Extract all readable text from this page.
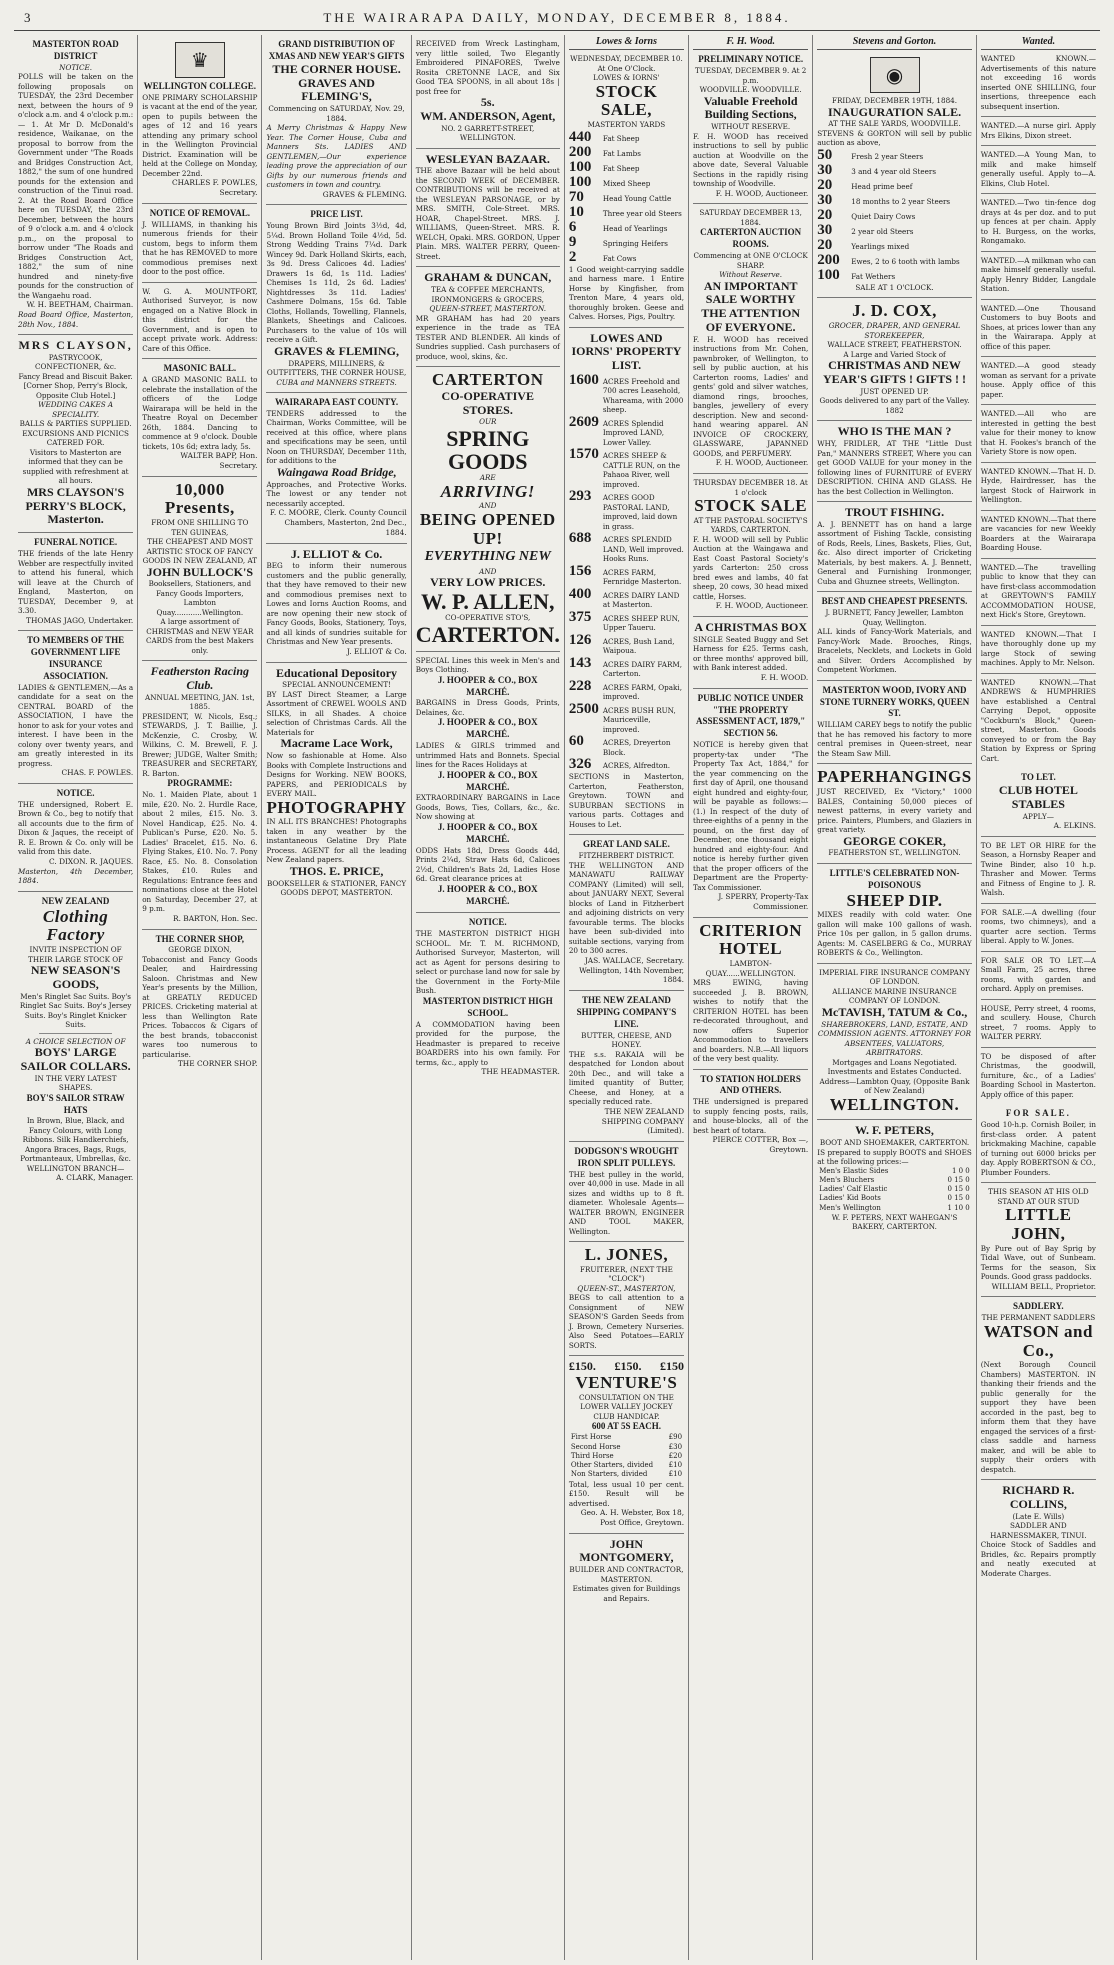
3	THE WAIRARAPA DAILY, MONDAY, DECEMBER 8, 1884.
MASTERTON ROAD DISTRICT
NOTICE.
POLLS will be taken on the following proposals on TUESDAY, the 23rd December next, between the hours of 9 o'clock a.m. and 4 o'clock p.m.:— 1. At Mr D. McDonald's residence, Waikanae, on the proposal to borrow from the Government under "The Roads and Bridges Construction Act, 1882," the sum of one hundred pounds for the extension and construction of the Tinui road. 2. At the Road Board Office here on TUESDAY, the 23rd December, between the hours of 9 o'clock a.m. and 4 o'clock p.m., on the proposal to borrow under "The Roads and Bridges Construction Act, 1882," the sum of nine hundred and ninety-five pounds for the construction of the Wangaehu road.
W. H. BEETHAM, Chairman.
Road Board Office, Masterton, 28th Nov., 1884.
MRS CLAYSON,
PASTRYCOOK, CONFECTIONER, &c.
Fancy Bread and Biscuit Baker. [Corner Shop, Perry's Block, Opposite Club Hotel.]
WEDDING CAKES A SPECIALITY.
BALLS & PARTIES SUPPLIED.
EXCURSIONS AND PICNICS CATERED FOR.
Visitors to Masterton are informed that they can be supplied with refreshment at all hours.
MRS CLAYSON'S PERRY'S BLOCK, Masterton.
FUNERAL NOTICE.
THE friends of the late Henry Webber are respectfully invited to attend his funeral, which will leave at the Church of England, Masterton, on TUESDAY, December 9, at 3.30.
THOMAS JAGO, Undertaker.
TO MEMBERS OF THE GOVERNMENT LIFE INSURANCE ASSOCIATION.
LADIES & GENTLEMEN,—As a candidate for a seat on the CENTRAL BOARD of the ASSOCIATION, I have the honor to ask for your votes and interest. I have been in the colony over twenty years, and am greatly interested in its progress.
CHAS. F. POWLES.
NOTICE.
THE undersigned, Robert E. Brown & Co., beg to notify that all accounts due to the firm of Dixon & Jaques, the receipt of R. E. Brown & Co. only will be valid from this date.
C. DIXON. R. JAQUES.
Masterton, 4th December, 1884.
NEW ZEALAND
Clothing Factory
INVITE INSPECTION OF THEIR LARGE STOCK OF
NEW SEASON'S GOODS,
Men's Ringlet Sac Suits. Boy's Ringlet Sac Suits. Boy's Jersey Suits. Boy's Ringlet Knicker Suits.
A CHOICE SELECTION OF
BOYS' LARGE SAILOR COLLARS.
IN THE VERY LATEST SHAPES.
BOY'S SAILOR STRAW HATS
In Brown, Blue, Black, and Fancy Colours, with Long Ribbons. Silk Handkerchiefs, Angora Braces, Bags, Rugs, Portmanteaux, Umbrellas, &c.
WELLINGTON BRANCH—
A. CLARK, Manager.
♛
WELLINGTON COLLEGE.
ONE PRIMARY SCHOLARSHIP is vacant at the end of the year, open to pupils between the ages of 12 and 16 years attending any primary school in the Wellington Provincial District. Examination will be held at the College on Monday, December 22nd.
CHARLES F. POWLES, Secretary.
NOTICE OF REMOVAL.
J. WILLIAMS, in thanking his numerous friends for their custom, begs to inform them that he has REMOVED to more commodious premises next door to the post office.
W. G. A. MOUNTFORT, Authorised Surveyor, is now engaged on a Native Block in this district for the Government, and is open to accept private work. Address: Care of this Office.
MASONIC BALL.
A GRAND MASONIC BALL to celebrate the installation of the officers of the Lodge Wairarapa will be held in the Theatre Royal on December 26th, 1884. Dancing to commence at 9 o'clock. Double tickets, 10s 6d; extra lady, 5s.
WALTER BAPP, Hon. Secretary.
10,000 Presents,
FROM ONE SHILLING TO TEN GUINEAS,
THE CHEAPEST AND MOST ARTISTIC STOCK OF FANCY GOODS IN NEW ZEALAND, AT
JOHN BULLOCK'S
Booksellers, Stationers, and Fancy Goods Importers, Lambton Quay............Wellington.
A large assortment of CHRISTMAS and NEW YEAR CARDS from the best Makers only.
Featherston Racing Club.
ANNUAL MEETING, JAN. 1st, 1885.
PRESIDENT, W. Nicols, Esq.; STEWARDS, J. T. Baillie, J. McKenzie, C. Crosby, W. Wilkins, C. M. Brewell, F. J. Brewer; JUDGE, Walter Smith; TREASURER and SECRETARY, R. Barton.
PROGRAMME:
No. 1. Maiden Plate, about 1 mile, £20. No. 2. Hurdle Race, about 2 miles, £15. No. 3. Novel Handicap, £25. No. 4. Publican's Purse, £20. No. 5. Ladies' Bracelet, £15. No. 6. Flying Stakes, £10. No. 7. Pony Race, £5. No. 8. Consolation Stakes, £10. Rules and Regulations: Entrance fees and nominations close at the Hotel on Saturday, December 27, at 9 p.m.
R. BARTON, Hon. Sec.
THE CORNER SHOP,
GEORGE DIXON,
Tobacconist and Fancy Goods Dealer, and Hairdressing Saloon. Christmas and New Year's presents by the Million, at GREATLY REDUCED PRICES. Cricketing material at less than Wellington Rate Prices. Tobaccos & Cigars of the best brands, tobacconist wares too numerous to particularise.
THE CORNER SHOP.
GRAND DISTRIBUTION OF XMAS AND NEW YEAR'S GIFTS
THE CORNER HOUSE.
GRAVES AND FLEMING'S,
Commencing on SATURDAY, Nov. 29, 1884.
A Merry Christmas & Happy New Year. The Corner House, Cuba and Manners Sts. LADIES AND GENTLEMEN,—Our experience leading prove the appreciation of our Gifts by our numerous friends and customers in town and country.
GRAVES & FLEMING.
PRICE LIST.
Young Brown Bird Joints 3½d, 4d, 5¼d. Brown Holland Toile 4½d, 5d. Strong Wedding Trains 7¼d. Dark Wincey 9d. Dark Holland Skirts, each, 3s 9d. Dress Calicoes 4d. Ladies' Drawers 1s 6d, 1s 11d. Ladies' Chemises 1s 11d, 2s 6d. Ladies' Nightdresses 3s 11d. Ladies' Cashmere Dolmans, 15s 6d. Table Cloths, Hollands, Towelling, Flannels, Blankets, Sheetings and Calicoes. Purchasers to the value of 10s will receive a Gift.
GRAVES & FLEMING,
DRAPERS, MILLINERS, & OUTFITTERS, THE CORNER HOUSE,
CUBA and MANNERS STREETS.
WAIRARAPA EAST COUNTY.
TENDERS addressed to the Chairman, Works Committee, will be received at this office, where plans and specifications may be seen, until Noon on THURSDAY, December 11th, for additions to the
Waingawa Road Bridge,
Approaches, and Protective Works. The lowest or any tender not necessarily accepted.
F. C. MOORE, Clerk. County Council Chambers, Masterton, 2nd Dec., 1884.
J. ELLIOT & Co.
BEG to inform their numerous customers and the public generally, that they have removed to their new and commodious premises next to Lowes and Iorns Auction Rooms, and are now opening their new stock of Fancy Goods, Books, Stationery, Toys, and all kinds of sundries suitable for Christmas and New Year presents.
J. ELLIOT & Co.
Educational Depository
SPECIAL ANNOUNCEMENT!
BY LAST Direct Steamer, a Large Assortment of CREWEL WOOLS AND SILKS, in all Shades. A choice selection of Christmas Cards. All the Materials for
Macrame Lace Work,
Now so fashionable at Home. Also Books with Complete Instructions and Designs for Working. NEW BOOKS, PAPERS, and PERIODICALS by EVERY MAIL.
PHOTOGRAPHY
IN ALL ITS BRANCHES! Photographs taken in any weather by the instantaneous Gelatine Dry Plate Process. AGENT for all the leading New Zealand papers.
THOS. E. PRICE,
BOOKSELLER & STATIONER, FANCY GOODS DEPOT, MASTERTON.
RECEIVED from Wreck Lastingham, very little soiled, Two Elegantly Embroidered PINAFORES, Twelve Rosita CRETONNE LACE, and Six Good TEA SPOONS, in all about 18s | post free for
5s.
WM. ANDERSON, Agent,
NO. 2 GARRETT-STREET, WELLINGTON.
WESLEYAN BAZAAR.
THE above Bazaar will be held about the SECOND WEEK of DECEMBER. CONTRIBUTIONS will be received at the WESLEYAN PARSONAGE, or by MRS. SMITH, Cole-Street. MRS. HOAR, Chapel-Street. MRS. J. WILLIAMS, Queen-Street. MRS. R. WELCH, Opaki. MRS. GORDON, Upper Plain. MRS. WALTER PERRY, Queen-Street.
GRAHAM & DUNCAN,
TEA & COFFEE MERCHANTS, IRONMONGERS & GROCERS,
QUEEN-STREET, MASTERTON.
MR GRAHAM has had 20 years experience in the trade as TEA TESTER AND BLENDER. All kinds of Sundries supplied. Cash purchasers of produce, wool, skins, &c.
CARTERTON
CO-OPERATIVE STORES.
OUR
SPRING GOODS
ARE
ARRIVING!
AND
BEING OPENED UP!
EVERYTHING NEW
AND
VERY LOW PRICES.
W. P. ALLEN,
CO-OPERATIVE STO'S,
CARTERTON.
SPECIAL Lines this week in Men's and Boys Clothing.
J. HOOPER & CO., BOX MARCHÉ.
BARGAINS in Dress Goods, Prints, Delaines, &c.
J. HOOPER & CO., BOX MARCHÉ.
LADIES & GIRLS trimmed and untrimmed Hats and Bonnets. Special lines for the Races Holidays at
J. HOOPER & CO., BOX MARCHÉ.
EXTRAORDINARY BARGAINS in Lace Goods, Bows, Ties, Collars, &c., &c. Now showing at
J. HOOPER & CO., BOX MARCHÉ.
ODDS Hats 18d, Dress Goods 44d, Prints 2¼d, Straw Hats 6d, Calicoes 2½d, Children's Bats 2d, Ladies Hose 6d. Great clearance prices at
J. HOOPER & CO., BOX MARCHÉ.
NOTICE.
THE MASTERTON DISTRICT HIGH SCHOOL. Mr. T. M. RICHMOND, Authorised Surveyor, Masterton, will act as Agent for persons desiring to select or purchase land now for sale by the Government in the Forty-Mile Bush.
MASTERTON DISTRICT HIGH SCHOOL.
A COMMODATION having been provided for the purpose, the Headmaster is prepared to receive BOARDERS into his own family. For terms, &c., apply to
THE HEADMASTER.
Lowes & Iorns
WEDNESDAY, DECEMBER 10. At One O'Clock.
LOWES & IORNS'
STOCK SALE,
MASTERTON YARDS
440	Fat Sheep
200	Fat Lambs
100	Fat Sheep
100	Mixed Sheep
70	Head Young Cattle
10	Three year old Steers
6	Head of Yearlings
9	Springing Heifers
2	Fat Cows
1 Good weight-carrying saddle and harness mare. 1 Entire Horse by Kingfisher, from Trenton Mare, 4 years old, thoroughly broken. Geese and Calves. Horses, Pigs, Poultry.
LOWES AND IORNS' PROPERTY LIST.
1600 ACRES Freehold and 700 acres Leasehold, Whareama, with 2000 sheep.
2609 ACRES Splendid Improved LAND, Lower Valley.
1570 ACRES SHEEP & CATTLE RUN, on the Pahaoa River, well improved.
293	ACRES GOOD PASTORAL LAND, improved, laid down in grass.
688	ACRES SPLENDID LAND, Well improved. Hooks Runs.
156	ACRES FARM, Fernridge Masterton.
400	ACRES DAIRY LAND at Masterton.
375	ACRES SHEEP RUN, Upper Taueru.
126	ACRES, Bush Land, Waipoua.
143	ACRES DAIRY FARM, Carterton.
228	ACRES FARM, Opaki, improved.
2500 ACRES BUSH RUN, Mauriceville, improved.
60	ACRES, Dreyerton Block.
326	ACRES, Alfredton.
SECTIONS in Masterton, Carterton, Featherston, Greytown. TOWN and SUBURBAN SECTIONS in various parts. Cottages and Houses to Let.
GREAT LAND SALE.
FITZHERBERT DISTRICT.
THE WELLINGTON AND MANAWATU RAILWAY COMPANY (Limited) will sell, about JANUARY NEXT, Several blocks of Land in Fitzherbert and adjoining districts on very favourable terms. The blocks have been sub-divided into suitable sections, varying from 20 to 300 acres.
JAS. WALLACE, Secretary. Wellington, 14th November, 1884.
THE NEW ZEALAND SHIPPING COMPANY'S LINE.
BUTTER, CHEESE, AND HONEY.
THE s.s. RAKAIA will be despatched for London about 20th Dec., and will take a limited quantity of Butter, Cheese, and Honey, at a specially reduced rate.
THE NEW ZEALAND SHIPPING COMPANY (Limited).
DODGSON'S WROUGHT IRON SPLIT PULLEYS.
THE best pulley in the world, over 40,000 in use. Made in all sizes and widths up to 8 ft. diameter. Wholesale Agents—WALTER BROWN, ENGINEER AND TOOL MAKER, Wellington.
L. JONES,
FRUITERER, (NEXT THE "CLOCK")
QUEEN-ST., MASTERTON,
BEGS to call attention to a Consignment of NEW SEASON'S Garden Seeds from J. Brown, Cemetery Nurseries. Also Seed Potatoes—EARLY SORTS.
£150. £150. £150
VENTURE'S
CONSULTATION ON THE LOWER VALLEY JOCKEY CLUB HANDICAP.
600 AT 5S EACH.
First Horse	£90
Second Horse	£30
Third Horse	£20
Other Starters, divided	£10
Non Starters, divided	£10
Total, less usual 10 per cent. £150. Result will be advertised.
Geo. A. H. Webster, Box 18, Post Office, Greytown.
JOHN MONTGOMERY,
BUILDER AND CONTRACTOR,
MASTERTON.
Estimates given for Buildings and Repairs.
F. H. Wood.
PRELIMINARY NOTICE.
TUESDAY, DECEMBER 9. At 2 p.m.
WOODVILLE. WOODVILLE.
Valuable Freehold Building Sections,
WITHOUT RESERVE.
F. H. WOOD has received instructions to sell by public auction at Woodville on the above date, Several Valuable Sections in the rapidly rising township of Woodville.
F. H. WOOD, Auctioneer.
SATURDAY DECEMBER 13, 1884.
CARTERTON AUCTION ROOMS.
Commencing at ONE O'CLOCK SHARP.
Without Reserve.
AN IMPORTANT SALE WORTHY THE ATTENTION OF EVERYONE.
F. H. WOOD has received instructions from Mr. Cohen, pawnbroker, of Wellington, to sell by public auction, at his Carterton rooms, Ladies' and gents' gold and silver watches, diamond rings, brooches, bangles, jewellery of every description. New and second-hand wearing apparel. AN INVOICE OF CROCKERY, GLASSWARE, JAPANNED GOODS, and PERFUMERY.
F. H. WOOD, Auctioneer.
THURSDAY DECEMBER 18. At 1 o'clock
STOCK SALE
AT THE PASTORAL SOCIETY'S YARDS, CARTERTON.
F. H. WOOD will sell by Public Auction at the Waingawa and East Coast Pastoral Society's yards Carterton: 250 cross bred ewes and lambs, 40 fat sheep, 20 cows, 30 head mixed cattle, Horses.
F. H. WOOD, Auctioneer.
A CHRISTMAS BOX
SINGLE Seated Buggy and Set Harness for £25. Terms cash, or three months' approved bill, with Bank interest added.
F. H. WOOD.
PUBLIC NOTICE UNDER "THE PROPERTY ASSESSMENT ACT, 1879," SECTION 56.
NOTICE is hereby given that property-tax under "The Property Tax Act, 1884," for the year commencing on the first day of April, one thousand eight hundred and eighty-four, will be payable as follows:— (1.) In respect of the duty of three-eighths of a penny in the pound, on the first day of December, one thousand eight hundred and eighty-four. And notice is hereby further given that the proper officers of the Department are the Property-Tax Commissioner.
J. SPERRY, Property-Tax Commissioner.
CRITERION HOTEL
LAMBTON-QUAY......WELLINGTON.
MRS EWING, having succeeded J. B. BROWN, wishes to notify that the CRITERION HOTEL has been re-decorated throughout, and now offers Superior Accommodation to travellers and boarders. N.B.—All liquors of the very best quality.
TO STATION HOLDERS AND OTHERS.
THE undersigned is prepared to supply fencing posts, rails, and house-blocks, all of the best heart of totara.
PIERCE COTTER, Box —, Greytown.
Stevens and Gorton.
◉
FRIDAY, DECEMBER 19TH, 1884.
INAUGURATION SALE.
AT THE SALE YARDS, WOODVILLE.
STEVENS & GORTON will sell by public auction as above,
50	Fresh 2 year Steers
30	3 and 4 year old Steers
20	Head prime beef
30	18 months to 2 year Steers
20	Quiet Dairy Cows
30	2 year old Steers
20	Yearlings mixed
200	Ewes, 2 to 6 tooth with lambs
100	Fat Wethers
SALE AT 1 O'CLOCK.
J. D. COX,
GROCER, DRAPER, AND GENERAL STOREKEEPER,
WALLACE STREET, FEATHERSTON.
A Large and Varied Stock of
CHRISTMAS AND NEW YEAR'S GIFTS ! GIFTS ! !
JUST OPENED UP.
Goods delivered to any part of the Valley. 1882
WHO IS THE MAN ?
WHY, FRIDLER, AT THE "Little Dust Pan," MANNERS STREET, Where you can get GOOD VALUE for your money in the following lines of FURNITURE of EVERY DESCRIPTION. CHINA AND GLASS. He has the best Collection in Wellington.
TROUT FISHING.
A. J. BENNETT has on hand a large assortment of Fishing Tackle, consisting of Rods, Reels, Lines, Baskets, Flies, Gut, &c. Also direct importer of Cricketing Materials, by best makers. A. J. Bennett, General and Furnishing Ironmonger, Cuba and Ghuznee streets, Wellington.
BEST AND CHEAPEST PRESENTS.
J. BURNETT, Fancy Jeweller, Lambton Quay, Wellington.
ALL kinds of Fancy-Work Materials, and Fancy-Work Made. Brooches, Rings, Bracelets, Necklets, and Lockets in Gold and Silver. Orders Accomplished by Competent Workmen.
MASTERTON WOOD, IVORY AND STONE TURNERY WORKS, QUEEN ST.
WILLIAM CAREY begs to notify the public that he has removed his factory to more central premises in Queen-street, near the Steam Saw Mill.
PAPERHANGINGS
JUST RECEIVED, Ex "Victory," 1000 BALES, Containing 50,000 pieces of newest patterns, in every variety and price. Painters, Plumbers, and Glaziers in great variety.
GEORGE COKER,
FEATHERSTON ST., WELLINGTON.
LITTLE'S CELEBRATED NON-POISONOUS
SHEEP DIP.
MIXES readily with cold water. One gallon will make 100 gallons of wash. Price 10s per gallon, in 5 gallon drums. Agents: M. CASELBERG & Co., MURRAY ROBERTS & Co., Wellington.
IMPERIAL FIRE INSURANCE COMPANY OF LONDON.
ALLIANCE MARINE INSURANCE COMPANY OF LONDON.
McTAVISH, TATUM & Co.,
SHAREBROKERS, LAND, ESTATE, AND COMMISSION AGENTS. ATTORNEY FOR ABSENTEES, VALUATORS, ARBITRATORS.
Mortgages and Loans Negotiated. Investments and Estates Conducted. Address—Lambton Quay, (Opposite Bank of New Zealand)
WELLINGTON.
W. F. PETERS,
BOOT AND SHOEMAKER, CARTERTON.
IS prepared to supply BOOTS and SHOES at the following prices:—
Men's Elastic Sides	1 0 0
Men's Bluchers	0 15 0
Ladies' Calf Elastic	0 15 0
Ladies' Kid Boots	0 15 0
Men's Wellington	1 10 0
W. F. PETERS, NEXT WAHEGAN'S BAKERY, CARTERTON.
Wanted.
WANTED KNOWN.—Advertisements of this nature not exceeding 16 words inserted ONE SHILLING, four insertions, threepence each subsequent insertion.
WANTED.—A nurse girl. Apply Mrs Elkins, Dixon street.
WANTED.—A Young Man, to milk and make himself generally useful. Apply to—A. Elkins, Club Hotel.
WANTED.—Two tin-fence dog drays at 4s per doz. and to put up fences at per chain. Apply to H. Burgess, on the works, Rongamako.
WANTED.—A milkman who can make himself generally useful. Apply Henry Bidder, Langdale Station.
WANTED.—One Thousand Customers to buy Boots and Shoes, at prices lower than any in the Wairarapa. Apply at office of this paper.
WANTED.—A good steady woman as servant for a private house. Apply office of this paper.
WANTED.—All who are interested in getting the best value for their money to know that H. Fookes's branch of the Variety Store is now open.
WANTED KNOWN.—That H. D. Hyde, Hairdresser, has the largest Stock of Hairwork in Wellington.
WANTED KNOWN.—That there are vacancies for new Weekly Boarders at the Wairarapa Boarding House.
WANTED.—The travelling public to know that they can have first-class accommodation at GREYTOWN'S FAMILY ACCOMMODATION HOUSE, next Hick's Store, Greytown.
WANTED KNOWN.—That I have thoroughly done up my large Stock of sewing machines. Apply to Mr. Nelson.
WANTED KNOWN.—That ANDREWS & HUMPHRIES have established a Central Carrying Depot, opposite "Cockburn's Block," Queen-street, Masterton. Goods conveyed to or from the Bay Station by Express or Spring Cart.
TO LET.
CLUB HOTEL STABLES
APPLY—
A. ELKINS.
TO BE LET OR HIRE for the Season, a Hornsby Reaper and Twine Binder, also 10 h.p. Thrasher and Mower. Terms and Fitness of Engine to J. R. Walsh.
FOR SALE.—A dwelling (four rooms, two chimneys), and a quarter acre section. Terms liberal. Apply to W. Jones.
FOR SALE OR TO LET.—A Small Farm, 25 acres, three rooms, with garden and orchard. Apply on premises.
HOUSE, Perry street, 4 rooms, and scullery. House, Church street, 7 rooms. Apply to WALTER PERRY.
TO be disposed of after Christmas, the goodwill, furniture, &c., of a Ladies' Boarding School in Masterton. Apply office of this paper.
FOR SALE.
Good 10-h.p. Cornish Boiler, in first-class order. A patent brickmaking Machine, capable of turning out 6000 bricks per day. Apply ROBERTSON & CO., Plumber Founders.
THIS SEASON AT HIS OLD STAND AT OUR STUD
LITTLE JOHN,
By Pure out of Bay Sprig by Tidal Wave, out of Sunbeam. Terms for the season, Six Pounds. Good grass paddocks.
WILLIAM BELL, Proprietor.
SADDLERY.
THE PERMANENT SADDLERS
WATSON and Co.,
(Next Borough Council Chambers) MASTERTON. IN thanking their friends and the public generally for the support they have been accorded in the past, beg to inform them that they have engaged the services of a first-class saddle and harness maker, and will be able to supply their orders with despatch.
RICHARD R. COLLINS,
(Late E. Wills)
SADDLER AND HARNESSMAKER, TINUI.
Choice Stock of Saddles and Bridles, &c. Repairs promptly and neatly executed at Moderate Charges.
